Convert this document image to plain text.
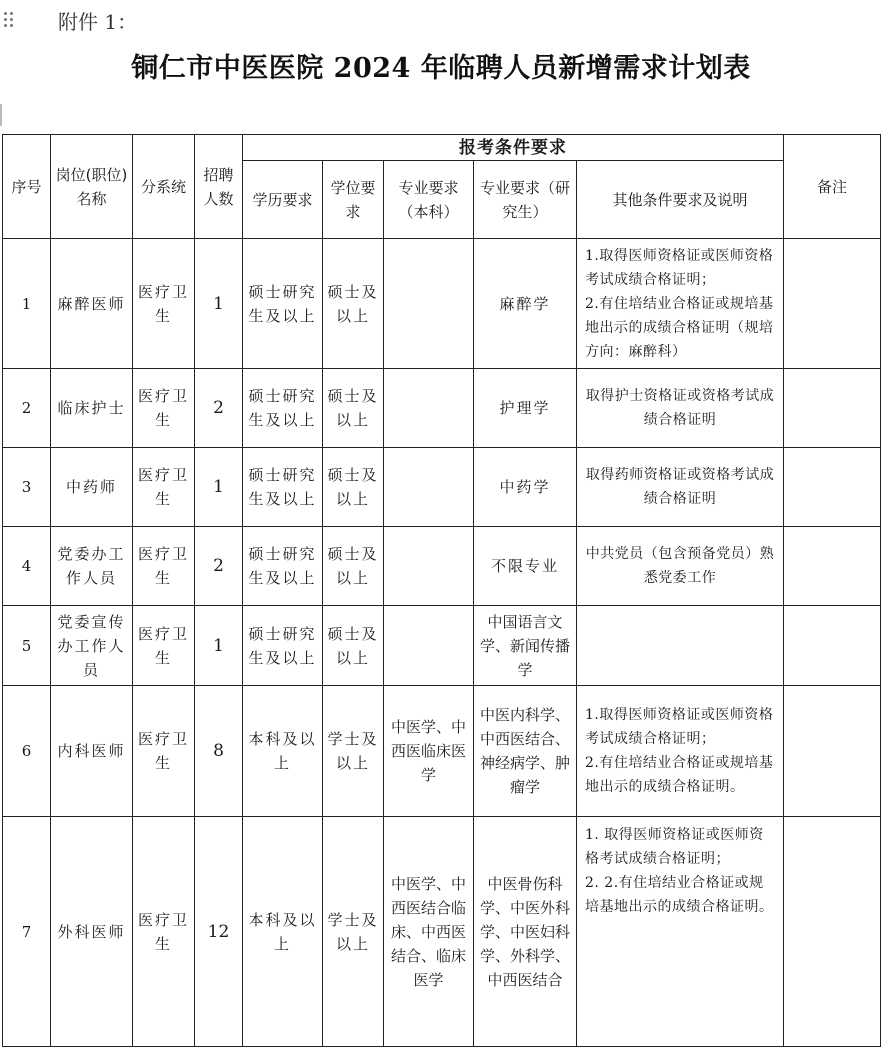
附件 1：
铜仁市中医医院 2024 年临聘人员新增需求计划表
序号	岗位(职位)名称	分系统	招聘人数	报考条件要求					备注
				学历要求	学位要求	专业要求（本科）	专业要求（研究生）	其他条件要求及说明	
1	麻醉医师	医疗卫生	1	硕士研究生及以上	硕士及以上		麻醉学	1.取得医师资格证或医师资格考试成绩合格证明；
2.有住培结业合格证或规培基地出示的成绩合格证明（规培方向：麻醉科）	
2	临床护士	医疗卫生	2	硕士研究生及以上	硕士及以上		护理学	取得护士资格证或资格考试成绩合格证明	
3	中药师	医疗卫生	1	硕士研究生及以上	硕士及以上		中药学	取得药师资格证或资格考试成绩合格证明	
4	党委办工作人员	医疗卫生	2	硕士研究生及以上	硕士及以上		不限专业	中共党员（包含预备党员）熟悉党委工作	
5	党委宣传办工作人员	医疗卫生	1	硕士研究生及以上	硕士及以上		中国语言文学、新闻传播学		
6	内科医师	医疗卫生	8	本科及以上	学士及以上	中医学、中西医临床医学	中医内科学、中西医结合、神经病学、肿瘤学	1.取得医师资格证或医师资格考试成绩合格证明；
2.有住培结业合格证或规培基地出示的成绩合格证明。	
7	外科医师	医疗卫生	12	本科及以上	学士及以上	中医学、中西医结合临床、中西医结合、临床医学	中医骨伤科学、中医外科学、中医妇科学、外科学、中西医结合	1. 取得医师资格证或医师资格考试成绩合格证明；
2. 2.有住培结业合格证或规培基地出示的成绩合格证明。	
